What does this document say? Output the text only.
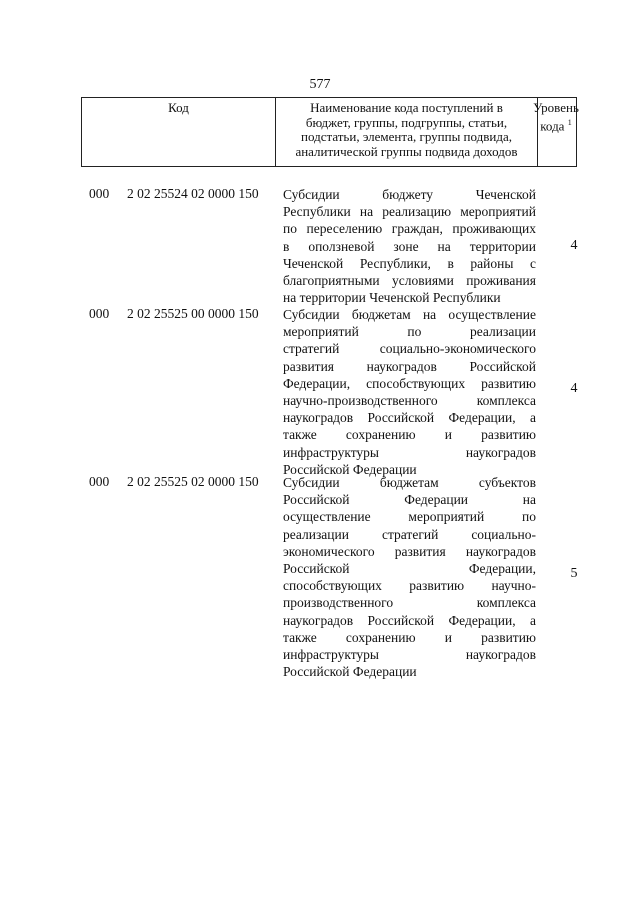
577
Код	Наименование кода поступлений в
бюджет, группы, подгруппы, статьи,
подстатьи, элемента, группы подвида,
аналитической группы подвида доходов
Уровень
кода $^1$
000 2 02 25524 02 0000 150 Субсидии бюджету Чеченской
Республики на реализацию мероприятий
по переселению граждан, проживающих
в оползневой зоне на территории
Чеченской Республики, в районы с
благоприятными условиями проживания
на территории Чеченской Республики
4
000 2 02 25525 00 0000 150 Субсидии бюджетам на осуществление
мероприятий по реализации
стратегий социально-экономического
развития наукоградов Российской
Федерации, способствующих развитию
научно-производственного комплекса
наукоградов Российской Федерации, а
также сохранению и развитию
инфраструктуры наукоградов
Российской Федерации
4
000 2 02 25525 02 0000 150 Субсидии бюджетам субъектов
Российской Федерации на
осуществление мероприятий по
реализации стратегий социально-
экономического развития наукоградов
Российской Федерации,
способствующих развитию научно-
производственного комплекса
наукоградов Российской Федерации, а
также сохранению и развитию
инфраструктуры наукоградов
Российской Федерации
5
